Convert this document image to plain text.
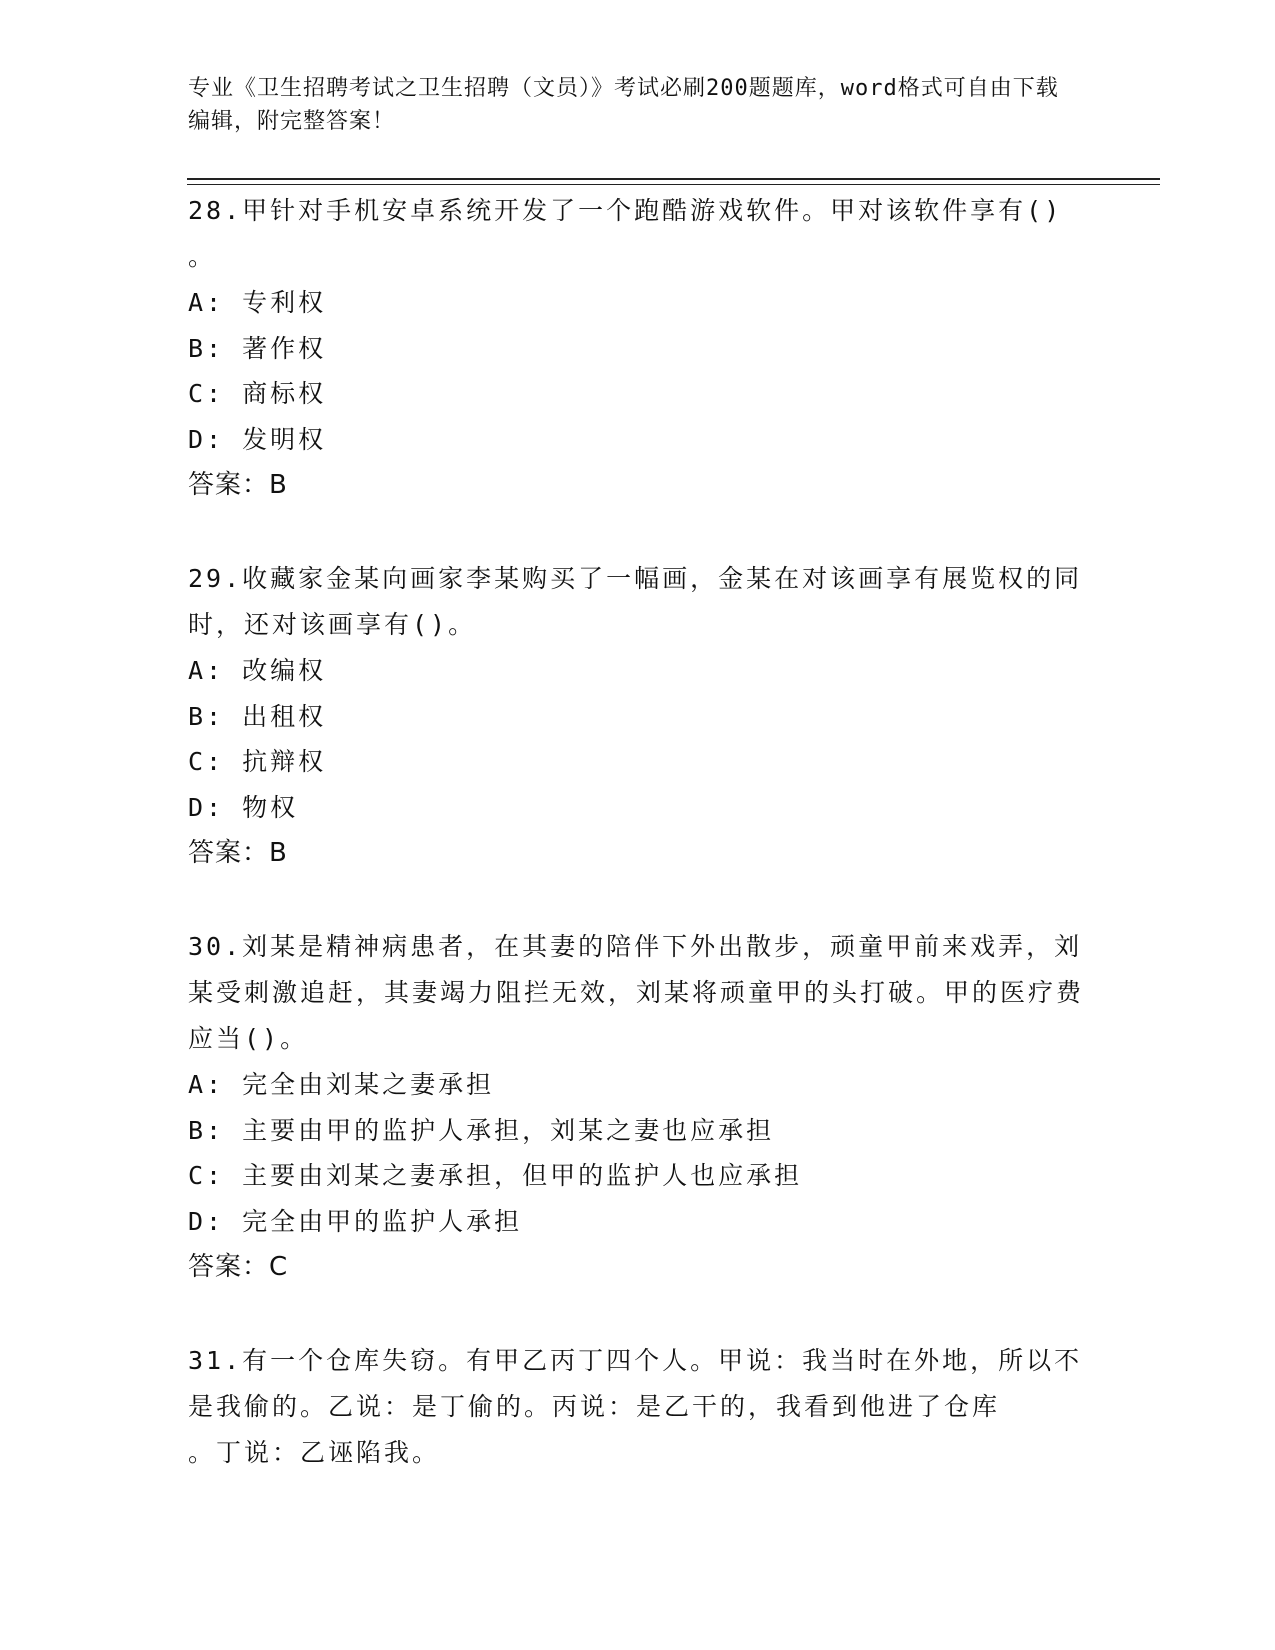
专业《卫生招聘考试之卫生招聘（文员）》考试必刷200题题库，word格式可自由下载编辑，附完整答案！

28.甲针对手机安卓系统开发了一个跑酷游戏软件。甲对该软件享有()
。

A: 专利权
B: 著作权
C: 商标权
D: 发明权

答案：B

29.收藏家金某向画家李某购买了一幅画，金某在对该画享有展览权的同时，还对该画享有()。

A: 改编权
B: 出租权
C: 抗辩权
D: 物权

答案：B

30.刘某是精神病患者，在其妻的陪伴下外出散步，顽童甲前来戏弄，刘某受刺激追赶，其妻竭力阻拦无效，刘某将顽童甲的头打破。甲的医疗费应当()。

A: 完全由刘某之妻承担
B: 主要由甲的监护人承担，刘某之妻也应承担
C: 主要由刘某之妻承担，但甲的监护人也应承担
D: 完全由甲的监护人承担

答案：C

31.有一个仓库失窃。有甲乙丙丁四个人。甲说：我当时在外地，所以不是我偷的。乙说：是丁偷的。丙说：是乙干的，我看到他进了仓库
。丁说：乙诬陷我。
